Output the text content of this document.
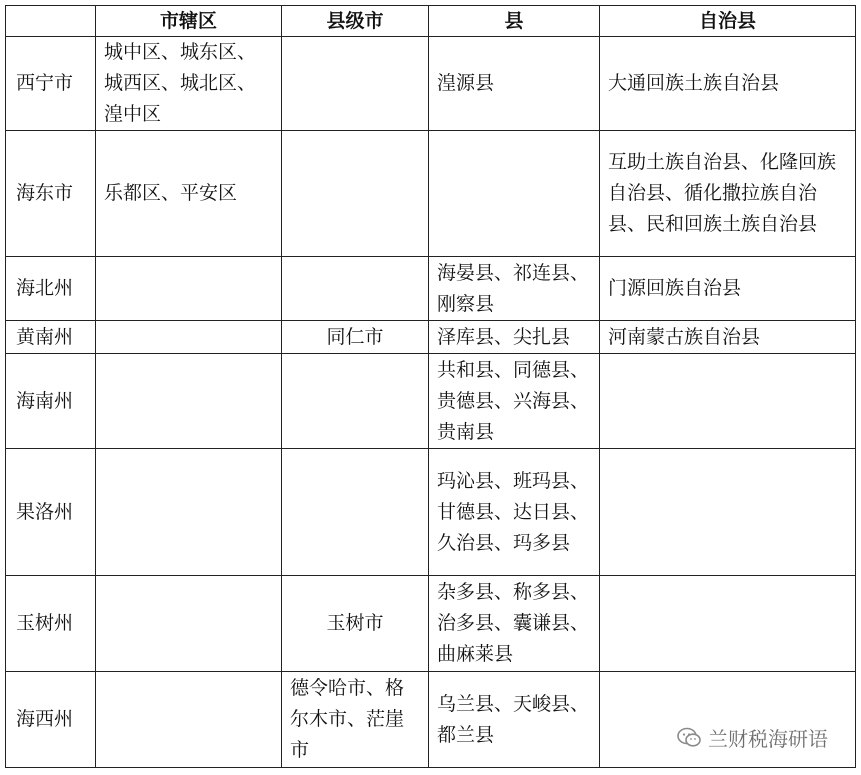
	市辖区	县级市	县	自治县
西宁市	城中区、城东区、城西区、城北区、湟中区		湟源县	大通回族土族自治县
海东市	乐都区、平安区			互助土族自治县、化隆回族自治县、循化撒拉族自治县、民和回族土族自治县
海北州			海晏县、祁连县、刚察县	门源回族自治县
黄南州		同仁市	泽库县、尖扎县	河南蒙古族自治县
海南州			共和县、同德县、贵德县、兴海县、贵南县	
果洛州			玛沁县、班玛县、甘德县、达日县、久治县、玛多县	
玉树州		玉树市	杂多县、称多县、治多县、囊谦县、曲麻莱县	
海西州		德令哈市、格尔木市、茫崖市	乌兰县、天峻县、都兰县		兰财税海研语
